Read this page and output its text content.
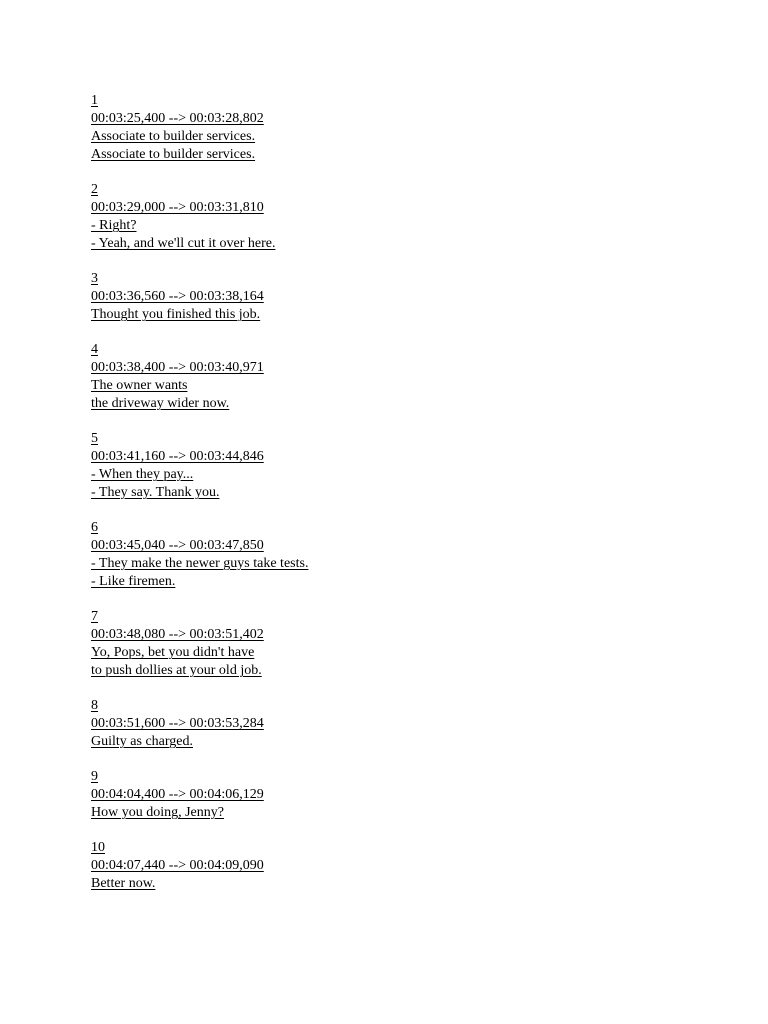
1
00:03:25,400 --> 00:03:28,802
Associate to builder services.
Associate to builder services.
2
00:03:29,000 --> 00:03:31,810
- Right?
- Yeah, and we'll cut it over here.
3
00:03:36,560 --> 00:03:38,164
Thought you finished this job.
4
00:03:38,400 --> 00:03:40,971
The owner wants
the driveway wider now.
5
00:03:41,160 --> 00:03:44,846
- When they pay...
- They say. Thank you.
6
00:03:45,040 --> 00:03:47,850
- They make the newer guys take tests.
- Like firemen.
7
00:03:48,080 --> 00:03:51,402
Yo, Pops, bet you didn't have
to push dollies at your old job.
8
00:03:51,600 --> 00:03:53,284
Guilty as charged.
9
00:04:04,400 --> 00:04:06,129
How you doing, Jenny?
10
00:04:07,440 --> 00:04:09,090
Better now.
